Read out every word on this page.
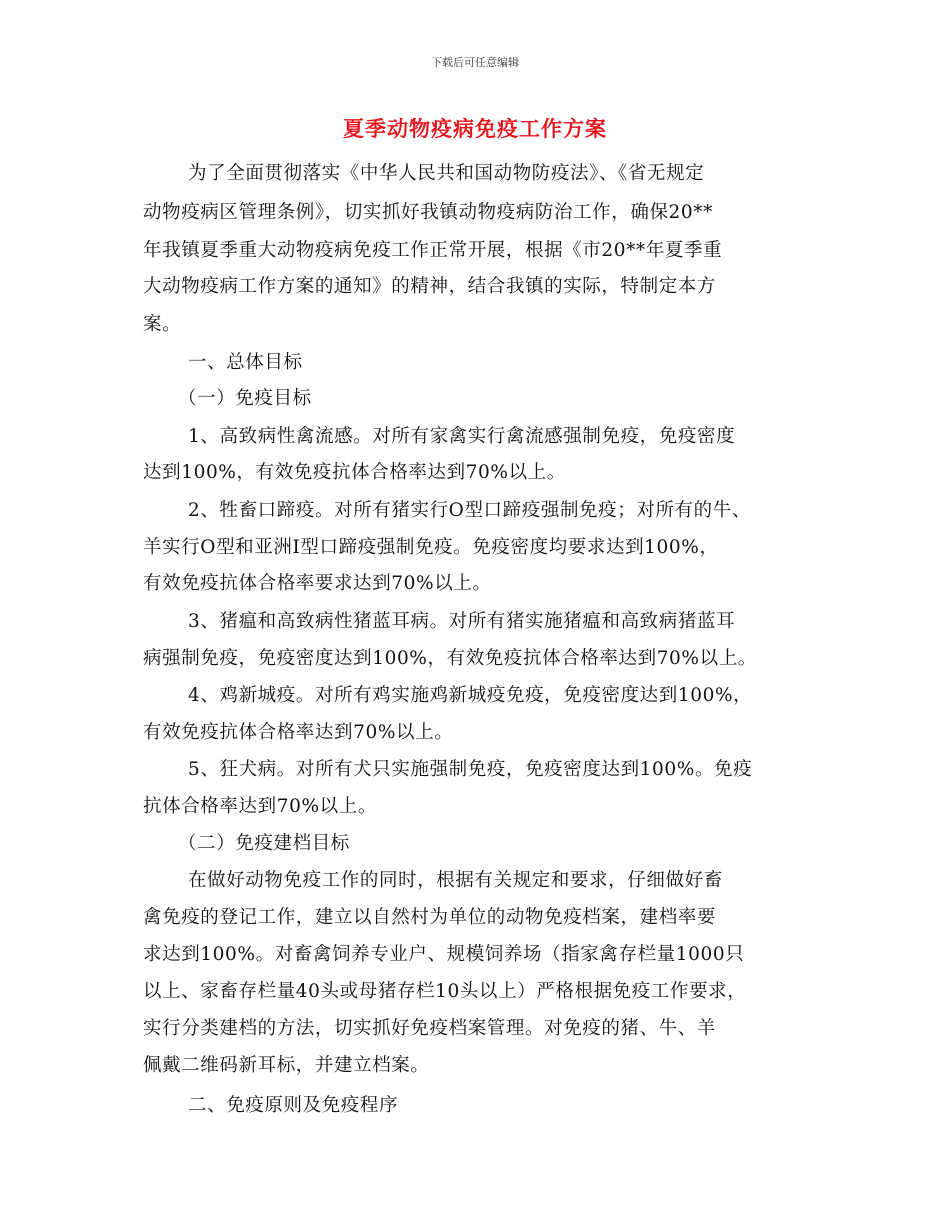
下载后可任意编辑
夏季动物疫病免疫工作方案
为了全面贯彻落实《中华人民共和国动物防疫法》、《省无规定
动物疫病区管理条例》，切实抓好我镇动物疫病防治工作，确保20**
年我镇夏季重大动物疫病免疫工作正常开展，根据《市20**年夏季重
大动物疫病工作方案的通知》的精神，结合我镇的实际，特制定本方
案。
一、总体目标
（一）免疫目标
1、高致病性禽流感。对所有家禽实行禽流感强制免疫，免疫密度
达到100%，有效免疫抗体合格率达到70%以上。
2、牲畜口蹄疫。对所有猪实行O型口蹄疫强制免疫；对所有的牛、
羊实行O型和亚洲I型口蹄疫强制免疫。免疫密度均要求达到100%，
有效免疫抗体合格率要求达到70%以上。
3、猪瘟和高致病性猪蓝耳病。对所有猪实施猪瘟和高致病猪蓝耳
病强制免疫，免疫密度达到100%，有效免疫抗体合格率达到70%以上。
4、鸡新城疫。对所有鸡实施鸡新城疫免疫，免疫密度达到100%，
有效免疫抗体合格率达到70%以上。
5、狂犬病。对所有犬只实施强制免疫，免疫密度达到100%。免疫
抗体合格率达到70%以上。
（二）免疫建档目标
在做好动物免疫工作的同时，根据有关规定和要求，仔细做好畜
禽免疫的登记工作，建立以自然村为单位的动物免疫档案，建档率要
求达到100%。对畜禽饲养专业户、规模饲养场（指家禽存栏量1000只
以上、家畜存栏量40头或母猪存栏10头以上）严格根据免疫工作要求，
实行分类建档的方法，切实抓好免疫档案管理。对免疫的猪、牛、羊
佩戴二维码新耳标，并建立档案。
二、免疫原则及免疫程序
